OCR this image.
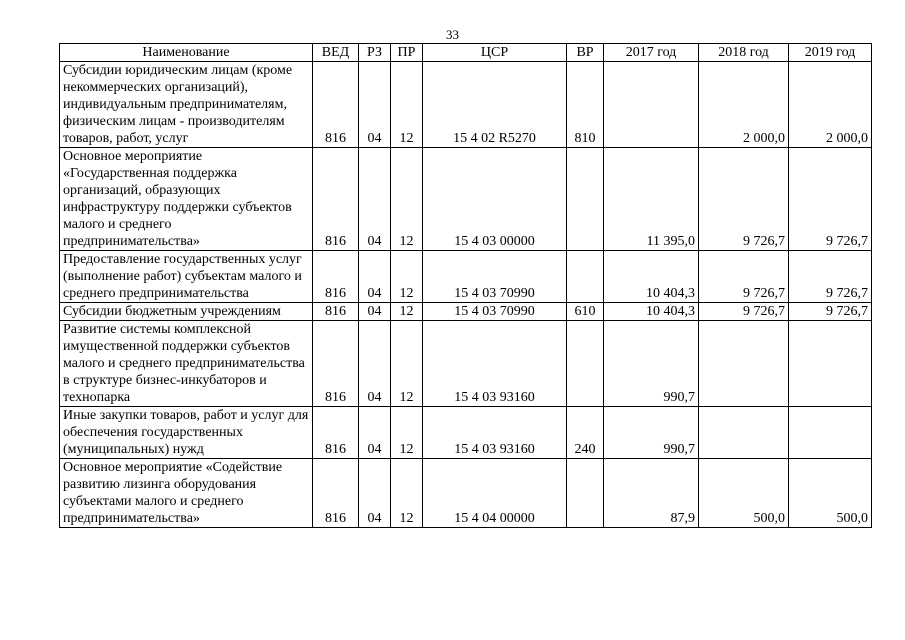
33
Наименование	ВЕД	РЗ	ПР	ЦСР	ВР	2017 год	2018 год	2019 год
Субсидии юридическим лицам (кроме некоммерческих организаций), индивидуальным предпринимателям, физическим лицам - производителям товаров, работ, услуг	816	04	12	15 4 02 R5270	810		2 000,0	2 000,0
Основное мероприятие «Государственная поддержка организаций, образующих инфраструктуру поддержки субъектов малого и среднего предпринимательства»	816	04	12	15 4 03 00000		11 395,0	9 726,7	9 726,7
Предоставление государственных услуг (выполнение работ) субъектам малого и среднего предпринимательства	816	04	12	15 4 03 70990		10 404,3	9 726,7	9 726,7
Субсидии бюджетным учреждениям	816	04	12	15 4 03 70990	610	10 404,3	9 726,7	9 726,7
Развитие системы комплексной имущественной поддержки субъектов малого и среднего предпринимательства в структуре бизнес-инкубаторов и технопарка	816	04	12	15 4 03 93160		990,7		
Иные закупки товаров, работ и услуг для обеспечения государственных (муниципальных) нужд	816	04	12	15 4 03 93160	240	990,7		
Основное мероприятие «Содействие развитию лизинга оборудования субъектами малого и среднего предпринимательства»	816	04	12	15 4 04 00000		87,9	500,0	500,0
